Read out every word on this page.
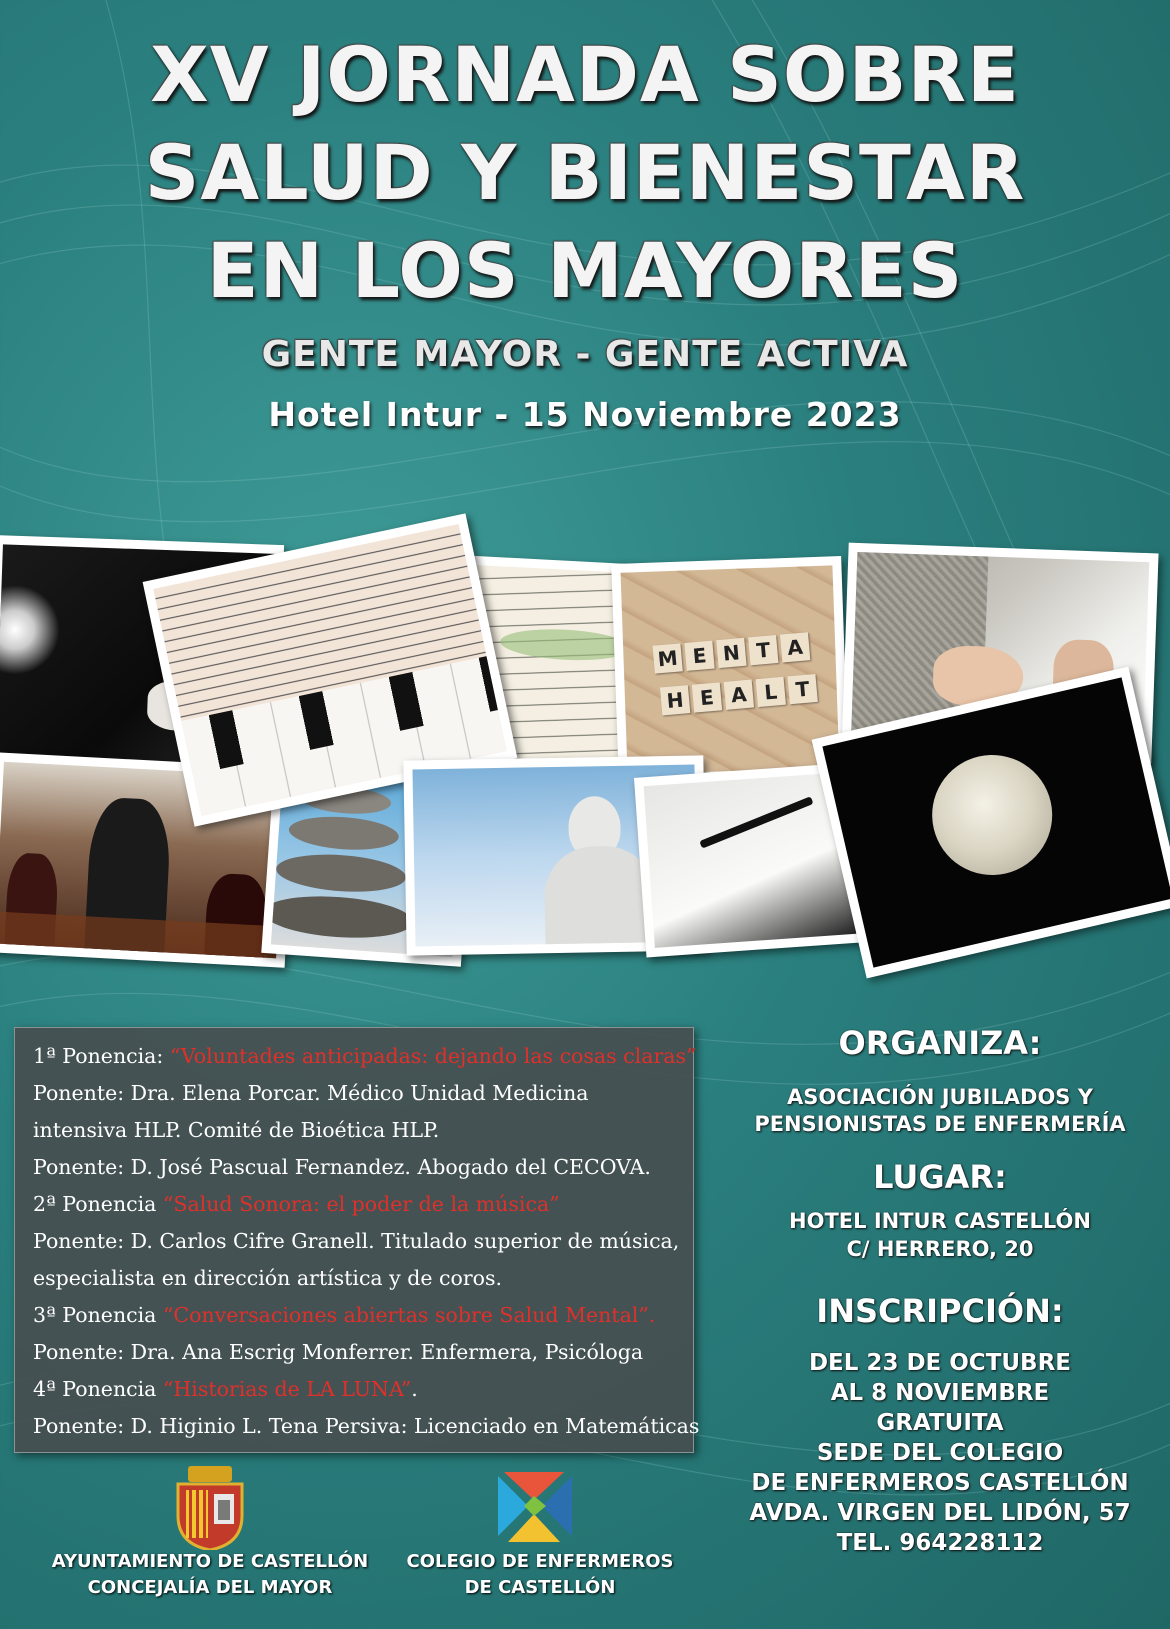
XV JORNADA SOBRE
SALUD Y BIENESTAR
EN LOS MAYORES
GENTE MAYOR - GENTE ACTIVA
Hotel Intur - 15 Noviembre 2023
M E N T A
H E A L T

1ª Ponencia: “Voluntades anticipadas: dejando las cosas claras”

Ponente: Dra. Elena Porcar. Médico Unidad Medicina

intensiva HLP. Comité de Bioética HLP.

Ponente: D. José Pascual Fernandez. Abogado del CECOVA.

2ª Ponencia “Salud Sonora: el poder de la música”

Ponente: D. Carlos Cifre Granell. Titulado superior de música,

especialista en dirección artística y de coros.

3ª Ponencia “Conversaciones abiertas sobre Salud Mental”.

Ponente: Dra. Ana Escrig Monferrer. Enfermera, Psicóloga

4ª Ponencia “Historias de LA LUNA”.

Ponente: D. Higinio L. Tena Persiva: Licenciado en Matemáticas

ORGANIZA:
ASOCIACIÓN JUBILADOS Y
PENSIONISTAS DE ENFERMERÍA
LUGAR:
HOTEL INTUR CASTELLÓN
C/ HERRERO, 20
INSCRIPCIÓN:
DEL 23 DE OCTUBRE
AL 8 NOVIEMBRE
GRATUITA
SEDE DEL COLEGIO
DE ENFERMEROS CASTELLÓN
AVDA. VIRGEN DEL LIDÓN, 57
TEL. 964228112
AYUNTAMIENTO DE CASTELLÓN
CONCEJALÍA DEL MAYOR
COLEGIO DE ENFERMEROS
DE CASTELLÓN
